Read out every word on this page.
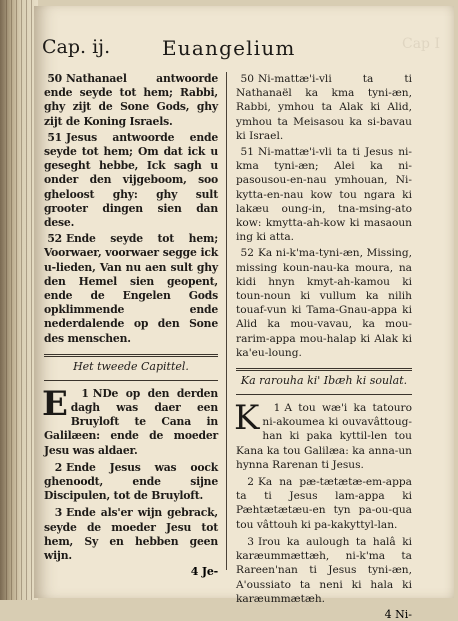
Cap I
Cap. ij.	Euangelium
50 Nathanael antwoorde ende seyde tot hem; Rabbi, ghy zijt de Sone Gods, ghy zijt de Koning Israels.
51 Jesus antwoorde ende seyde tot hem; Om dat ick u geseght hebbe, Ick sagh u onder den vijgeboom, soo gheloost ghy: ghy sult grooter dingen sien dan dese.
52 Ende seyde tot hem; Voorwaer, voorwaer segge ick u-lieden, Van nu aen sult ghy den Hemel sien geopent, ende de Engelen Gods opklimmende ende nederdalende op den Sone des menschen.
Het tweede Capittel.
1
E NDe op den derden dagh was daer een Bruyloft te Cana in Galilæen: ende de moeder Jesu was aldaer.
2 Ende Jesus was oock ghenoodt, ende sijne Discipulen, tot de Bruyloft.
3 Ende als'er wijn gebrack, seyde de moeder Jesu tot hem, Sy en hebben geen wijn.
4 Je-
50 Ni-mattæ'i-vli ta ti Nathanaël ka kma tyni-æn, Rabbi, ymhou ta Alak ki Alid, ymhou ta Meisasou ka si-bavau ki Israel.
51 Ni-mattæ'i-vli ta ti Jesus ni-kma tyni-æn; Alei ka ni-pasousou-en-nau ymhouan, Ni-kytta-en-nau kow tou ngara ki lakæu oung-in, tna-msing-ato kow: kmytta-ah-kow ki masaoun ing ki atta.
52 Ka ni-k'ma-tyni-æn, Missing, missing koun-nau-ka moura, na kidi hnyn kmyt-ah-kamou ki toun-noun ki vullum ka nilih touaf-vun ki Tama-Gnau-appa ki Alid ka mou-vavau, ka mou-rarim-appa mou-halap ki Alak ki ka'eu-loung.
Ka rarouha ki' Ibæh ki soulat.
1
K A tou wæ'i ka tatouro ni-akoumea ki ouvavâttoug-han ki paka kyttil-len tou Kana ka tou Galilæa: ka anna-un hynna Rarenan ti Jesus.
2 Ka na pæ-tætætæ-em-appa ta ti Jesus lam-appa ki Pæhtætætæu-en tyn pa-ou-qua tou vâttouh ki pa-kakyttyl-lan.
3 Irou ka aulough ta halâ ki karæummættæh, ni-k'ma ta Rareen'nan ti Jesus tyni-æn, A'oussiato ta neni ki hala ki karæummætæh.
4 Ni-
